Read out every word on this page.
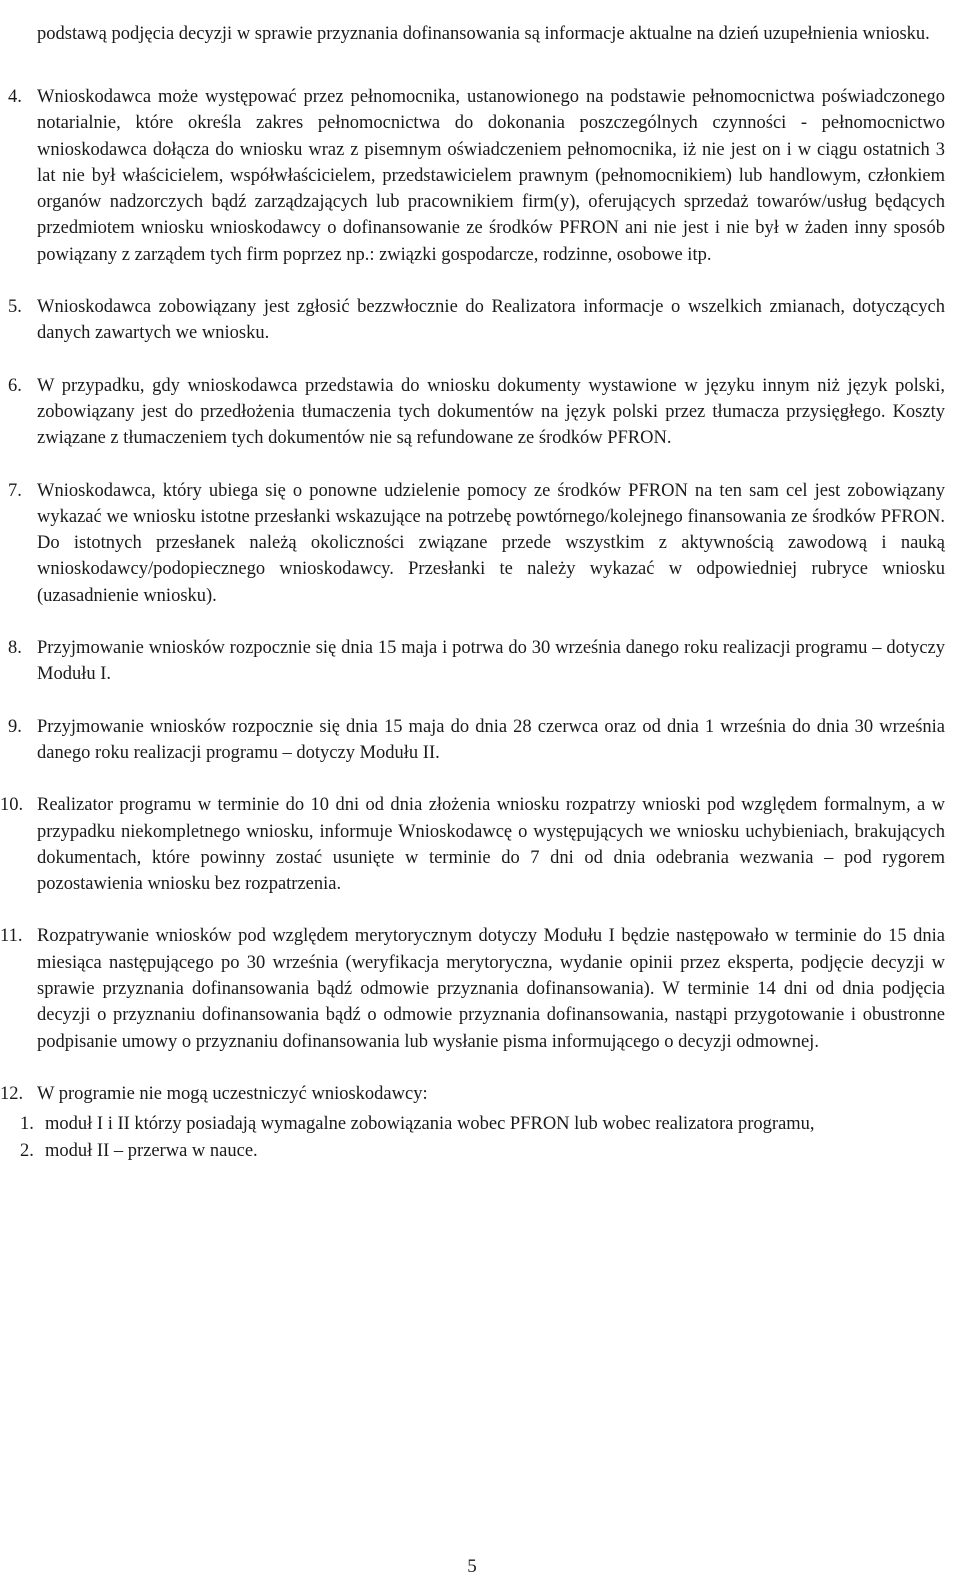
podstawą podjęcia decyzji w sprawie przyznania dofinansowania są informacje aktualne na dzień uzupełnienia wniosku.

4. Wnioskodawca może występować przez pełnomocnika, ustanowionego na podstawie pełnomocnictwa poświadczonego notarialnie, które określa zakres pełnomocnictwa do dokonania poszczególnych czynności - pełnomocnictwo wnioskodawca dołącza do wniosku wraz z pisemnym oświadczeniem pełnomocnika, iż nie jest on i w ciągu ostatnich 3 lat nie był właścicielem, współwłaścicielem, przedstawicielem prawnym (pełnomocnikiem) lub handlowym, członkiem organów nadzorczych bądź zarządzających lub pracownikiem firm(y), oferujących sprzedaż towarów/usług będących przedmiotem wniosku wnioskodawcy o dofinansowanie ze środków PFRON ani nie jest i nie był w żaden inny sposób powiązany z zarządem tych firm poprzez np.: związki gospodarcze, rodzinne, osobowe itp.
5. Wnioskodawca zobowiązany jest zgłosić bezzwłocznie do Realizatora informacje o wszelkich zmianach, dotyczących danych zawartych we wniosku.
6. W przypadku, gdy wnioskodawca przedstawia do wniosku dokumenty wystawione w języku innym niż język polski, zobowiązany jest do przedłożenia tłumaczenia tych dokumentów na język polski przez tłumacza przysięgłego. Koszty związane z tłumaczeniem tych dokumentów nie są refundowane ze środków PFRON.
7. Wnioskodawca, który ubiega się o ponowne udzielenie pomocy ze środków PFRON na ten sam cel jest zobowiązany wykazać we wniosku istotne przesłanki wskazujące na potrzebę powtórnego/kolejnego finansowania ze środków PFRON. Do istotnych przesłanek należą okoliczności związane przede wszystkim z aktywnością zawodową i nauką wnioskodawcy/podopiecznego wnioskodawcy. Przesłanki te należy wykazać w odpowiedniej rubryce wniosku (uzasadnienie wniosku).
8. Przyjmowanie wniosków rozpocznie się dnia 15 maja i potrwa do 30 września danego roku realizacji programu – dotyczy Modułu I.
9. Przyjmowanie wniosków rozpocznie się dnia 15 maja do dnia 28 czerwca oraz od dnia 1 września do dnia 30 września danego roku realizacji programu – dotyczy Modułu II.
10. Realizator programu w terminie do 10 dni od dnia złożenia wniosku rozpatrzy wnioski pod względem formalnym, a w przypadku niekompletnego wniosku, informuje Wnioskodawcę o występujących we wniosku uchybieniach, brakujących dokumentach, które powinny zostać usunięte w terminie do 7 dni od dnia odebrania wezwania – pod rygorem pozostawienia wniosku bez rozpatrzenia.
11. Rozpatrywanie wniosków pod względem merytorycznym dotyczy Modułu I będzie następowało w terminie do 15 dnia miesiąca następującego po 30 września (weryfikacja merytoryczna, wydanie opinii przez eksperta, podjęcie decyzji w sprawie przyznania dofinansowania bądź odmowie przyznania dofinansowania). W terminie 14 dni od dnia podjęcia decyzji o przyznaniu dofinansowania bądź o odmowie przyznania dofinansowania, nastąpi przygotowanie i obustronne podpisanie umowy o przyznaniu dofinansowania lub wysłanie pisma informującego o decyzji odmownej.
12. W programie nie mogą uczestniczyć wnioskodawcy:
1. moduł I i II którzy posiadają wymagalne zobowiązania wobec PFRON lub wobec realizatora programu,
2. moduł II – przerwa w nauce.
5
